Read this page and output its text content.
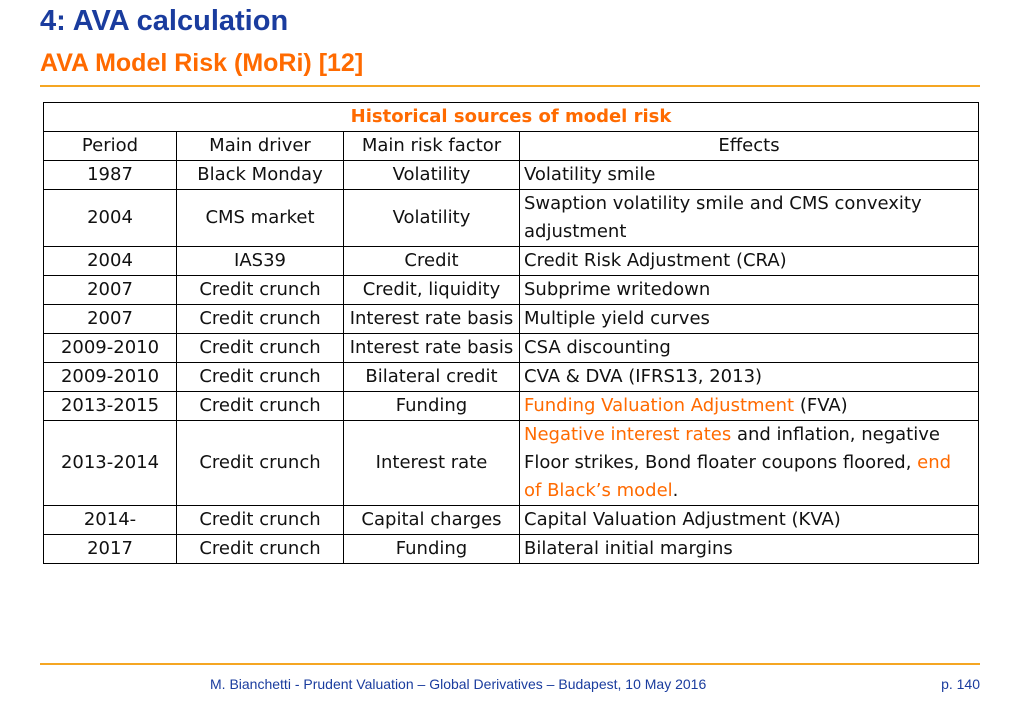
4: AVA calculation
AVA Model Risk (MoRi) [12]
Historical sources of model risk			
Period	Main driver	Main risk factor	Effects
1987	Black Monday	Volatility	Volatility smile
2004	CMS market	Volatility	Swaption volatility smile and CMS convexity adjustment
2004	IAS39	Credit	Credit Risk Adjustment (CRA)
2007	Credit crunch	Credit, liquidity	Subprime writedown
2007	Credit crunch	Interest rate basis	Multiple yield curves
2009-2010	Credit crunch	Interest rate basis	CSA discounting
2009-2010	Credit crunch	Bilateral credit	CVA & DVA (IFRS13, 2013)
2013-2015	Credit crunch	Funding	Funding Valuation Adjustment (FVA)
2013-2014	Credit crunch	Interest rate	Negative interest rates and inflation, negative Floor strikes, Bond floater coupons floored, end of Black’s model.
2014-	Credit crunch	Capital charges	Capital Valuation Adjustment (KVA)
2017	Credit crunch	Funding	Bilateral initial margins
M. Bianchetti - Prudent Valuation – Global Derivatives – Budapest, 10 May 2016	p. 140
